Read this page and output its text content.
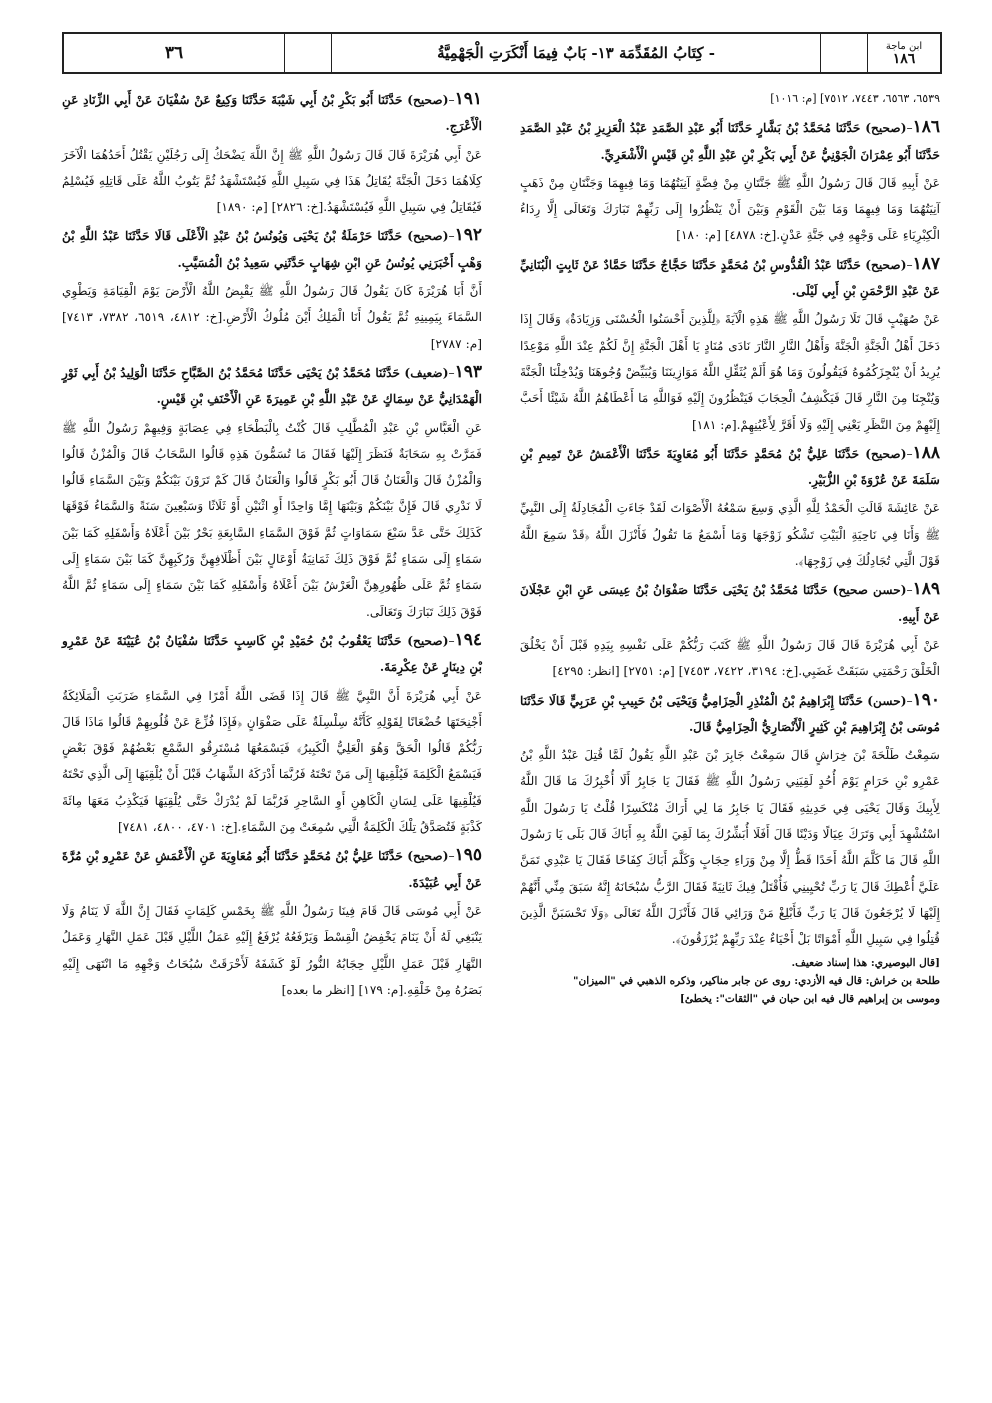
ابن ماجة
١٨٦
- كِتَابُ المُقَدِّمَة ١٣- بَابٌ فِيمَا أَنْكَرَتِ الْجَهْمِيَّةُ
٣٦

٦٥٣٩، ٦٥٦٣، ٧٤٤٣، ٧٥١٢] [م: ١٠١٦]

١٨٦–(صحيح) حَدَّثَنَا مُحَمَّدُ بْنُ بَشَّارٍ حَدَّثَنَا أَبُو عَبْدِ الصَّمَدِ عَبْدُ الْعَزِيزِ بْنُ عَبْدِ الصَّمَدِ حَدَّثَنَا أَبُو عِمْرَانَ الْجَوْنِيُّ عَنْ أَبِي بَكْرِ بْنِ عَبْدِ اللَّهِ بْنِ قَيْسٍ الْأَشْعَرِيِّ.

عَنْ أَبِيهِ قَالَ قَالَ رَسُولُ اللَّهِ ﷺ جَنَّتَانِ مِنْ فِضَّةٍ آنِيَتُهُمَا وَمَا فِيهِمَا وَجَنَّتَانِ مِنْ ذَهَبٍ آنِيَتُهُمَا وَمَا فِيهِمَا وَمَا بَيْنَ الْقَوْمِ وَبَيْنَ أَنْ يَنْظُرُوا إِلَى رَبِّهِمْ تَبَارَكَ وَتَعَالَى إِلَّا رِدَاءُ الْكِبْرِيَاءِ عَلَى وَجْهِهِ فِي جَنَّةِ عَدْنٍ.[خ: ٤٨٧٨] [م: ١٨٠]

١٨٧–(صحيح) حَدَّثَنَا عَبْدُ الْقُدُّوسِ بْنُ مُحَمَّدٍ حَدَّثَنَا حَجَّاجٌ حَدَّثَنَا حَمَّادٌ عَنْ ثَابِتٍ الْبُنَانِيِّ عَنْ عَبْدِ الرَّحْمَنِ بْنِ أَبِي لَيْلَى.

عَنْ صُهَيْبٍ قَالَ تَلَا رَسُولُ اللَّهِ ﷺ هَذِهِ الْآيَةَ ﴿لِلَّذِينَ أَحْسَنُوا الْحُسْنَى وَزِيَادَةٌ﴾ وَقَالَ إِذَا دَخَلَ أَهْلُ الْجَنَّةِ الْجَنَّةَ وَأَهْلُ النَّارِ النَّارَ نَادَى مُنَادٍ يَا أَهْلَ الْجَنَّةِ إِنَّ لَكُمْ عِنْدَ اللَّهِ مَوْعِدًا يُرِيدُ أَنْ يُنْجِزَكُمُوهُ فَيَقُولُونَ وَمَا هُوَ أَلَمْ يُثَقِّلِ اللَّهُ مَوَازِينَنَا وَيُبَيِّضْ وُجُوهَنَا وَيُدْخِلْنَا الْجَنَّةَ وَيُنْجِنَا مِنَ النَّارِ قَالَ فَيَكْشِفُ الْحِجَابَ فَيَنْظُرُونَ إِلَيْهِ فَوَاللَّهِ مَا أَعْطَاهُمُ اللَّهُ شَيْئًا أَحَبَّ إِلَيْهِمْ مِنَ النَّظَرِ يَعْنِي إِلَيْهِ وَلَا أَقَرَّ لِأَعْيُنِهِمْ.[م: ١٨١]

١٨٨–(صحيح) حَدَّثَنَا عَلِيُّ بْنُ مُحَمَّدٍ حَدَّثَنَا أَبُو مُعَاوِيَةَ حَدَّثَنَا الْأَعْمَشُ عَنْ تَمِيمِ بْنِ سَلَمَةَ عَنْ عُرْوَةَ بْنِ الزُّبَيْرِ.

عَنْ عَائِشَةَ قَالَتِ الْحَمْدُ لِلَّهِ الَّذِي وَسِعَ سَمْعُهُ الْأَصْوَاتَ لَقَدْ جَاءَتِ الْمُجَادِلَةُ إِلَى النَّبِيِّ ﷺ وَأَنَا فِي نَاحِيَةِ الْبَيْتِ تَشْكُو زَوْجَهَا وَمَا أَسْمَعُ مَا تَقُولُ فَأَنْزَلَ اللَّهُ ﴿قَدْ سَمِعَ اللَّهُ قَوْلَ الَّتِي تُجَادِلُكَ فِي زَوْجِهَا﴾.

١٨٩–(حسن صحيح) حَدَّثَنَا مُحَمَّدُ بْنُ يَحْيَى حَدَّثَنَا صَفْوَانُ بْنُ عِيسَى عَنِ ابْنِ عَجْلَانَ عَنْ أَبِيهِ.

عَنْ أَبِي هُرَيْرَةَ قَالَ قَالَ رَسُولُ اللَّهِ ﷺ كَتَبَ رَبُّكُمْ عَلَى نَفْسِهِ بِيَدِهِ قَبْلَ أَنْ يَخْلُقَ الْخَلْقَ رَحْمَتِي سَبَقَتْ غَضَبِي.[خ: ٣١٩٤، ٧٤٢٢، ٧٤٥٣] [م: ٢٧٥١] [انظر: ٤٢٩٥]

١٩٠–(حسن) حَدَّثَنَا إِبْرَاهِيمُ بْنُ الْمُنْذِرِ الْحِزَامِيُّ وَيَحْيَى بْنُ حَبِيبِ بْنِ عَرَبِيٍّ قَالَا حَدَّثَنَا مُوسَى بْنُ إِبْرَاهِيمَ بْنِ كَثِيرٍ الْأَنْصَارِيُّ الْحِزَامِيُّ قَالَ.

سَمِعْتُ طَلْحَةَ بْنَ خِرَاشٍ قَالَ سَمِعْتُ جَابِرَ بْنَ عَبْدِ اللَّهِ يَقُولُ لَمَّا قُتِلَ عَبْدُ اللَّهِ بْنُ عَمْرِو بْنِ حَرَامٍ يَوْمَ أُحُدٍ لَقِيَنِي رَسُولُ اللَّهِ ﷺ فَقَالَ يَا جَابِرُ أَلَا أُخْبِرُكَ مَا قَالَ اللَّهُ لِأَبِيكَ وَقَالَ يَحْيَى فِي حَدِيثِهِ فَقَالَ يَا جَابِرُ مَا لِي أَرَاكَ مُنْكَسِرًا قُلْتُ يَا رَسُولَ اللَّهِ اسْتُشْهِدَ أَبِي وَتَرَكَ عِيَالًا وَدَيْنًا قَالَ أَفَلَا أُبَشِّرُكَ بِمَا لَقِيَ اللَّهُ بِهِ أَبَاكَ قَالَ بَلَى يَا رَسُولَ اللَّهِ قَالَ مَا كَلَّمَ اللَّهُ أَحَدًا قَطُّ إِلَّا مِنْ وَرَاءِ حِجَابٍ وَكَلَّمَ أَبَاكَ كِفَاحًا فَقَالَ يَا عَبْدِي تَمَنَّ عَلَيَّ أُعْطِكَ قَالَ يَا رَبِّ تُحْيِينِي فَأُقْتَلُ فِيكَ ثَانِيَةً فَقَالَ الرَّبُّ سُبْحَانَهُ إِنَّهُ سَبَقَ مِنِّي أَنَّهُمْ إِلَيْهَا لَا يُرْجَعُونَ قَالَ يَا رَبِّ فَأَبْلِغْ مَنْ وَرَائِي قَالَ فَأَنْزَلَ اللَّهُ تَعَالَى ﴿وَلَا تَحْسَبَنَّ الَّذِينَ قُتِلُوا فِي سَبِيلِ اللَّهِ أَمْوَاتًا بَلْ أَحْيَاءٌ عِنْدَ رَبِّهِمْ يُرْزَقُونَ﴾.

[قال البوصيري: هذا إسناد ضعيف.

طلحة بن خراش: قال فيه الأزدي: روى عن جابر مناكير، وذكره الذهبي في "الميزان"

وموسى بن إبراهيم قال فيه ابن حبان في "الثقات": يخطئ]

١٩١–(صحيح) حَدَّثَنَا أَبُو بَكْرِ بْنُ أَبِي شَيْبَةَ حَدَّثَنَا وَكِيعٌ عَنْ سُفْيَانَ عَنْ أَبِي الزِّنَادِ عَنِ الْأَعْرَجِ.

عَنْ أَبِي هُرَيْرَةَ قَالَ قَالَ رَسُولُ اللَّهِ ﷺ إِنَّ اللَّهَ يَضْحَكُ إِلَى رَجُلَيْنِ يَقْتُلُ أَحَدُهُمَا الْآخَرَ كِلَاهُمَا دَخَلَ الْجَنَّةَ يُقَاتِلُ هَذَا فِي سَبِيلِ اللَّهِ فَيُسْتَشْهَدُ ثُمَّ يَتُوبُ اللَّهُ عَلَى قَاتِلِهِ فَيُسْلِمُ فَيُقَاتِلُ فِي سَبِيلِ اللَّهِ فَيُسْتَشْهَدُ.[خ: ٢٨٢٦] [م: ١٨٩٠]

١٩٢–(صحيح) حَدَّثَنَا حَرْمَلَةُ بْنُ يَحْيَى وَيُونُسُ بْنُ عَبْدِ الْأَعْلَى قَالَا حَدَّثَنَا عَبْدُ اللَّهِ بْنُ وَهْبٍ أَخْبَرَنِي يُونُسُ عَنِ ابْنِ شِهَابٍ حَدَّثَنِي سَعِيدُ بْنُ الْمُسَيَّبِ.

أَنَّ أَبَا هُرَيْرَةَ كَانَ يَقُولُ قَالَ رَسُولُ اللَّهِ ﷺ يَقْبِضُ اللَّهُ الْأَرْضَ يَوْمَ الْقِيَامَةِ وَيَطْوِي السَّمَاءَ بِيَمِينِهِ ثُمَّ يَقُولُ أَنَا الْمَلِكُ أَيْنَ مُلُوكُ الْأَرْضِ.[خ: ٤٨١٢، ٦٥١٩، ٧٣٨٢، ٧٤١٣] [م: ٢٧٨٧]

١٩٣–(ضعيف) حَدَّثَنَا مُحَمَّدُ بْنُ يَحْيَى حَدَّثَنَا مُحَمَّدُ بْنُ الصَّبَّاحِ حَدَّثَنَا الْوَلِيدُ بْنُ أَبِي ثَوْرٍ الْهَمْدَانِيُّ عَنْ سِمَاكٍ عَنْ عَبْدِ اللَّهِ بْنِ عَمِيرَةَ عَنِ الْأَحْنَفِ بْنِ قَيْسٍ.

عَنِ الْعَبَّاسِ بْنِ عَبْدِ الْمُطَّلِبِ قَالَ كُنْتُ بِالْبَطْحَاءِ فِي عِصَابَةٍ وَفِيهِمْ رَسُولُ اللَّهِ ﷺ فَمَرَّتْ بِهِ سَحَابَةٌ فَنَظَرَ إِلَيْهَا فَقَالَ مَا تُسَمُّونَ هَذِهِ قَالُوا السَّحَابُ قَالَ وَالْمُزْنُ قَالُوا وَالْمُزْنُ قَالَ وَالْعَنَانُ قَالَ أَبُو بَكْرٍ قَالُوا وَالْعَنَانُ قَالَ كَمْ تَرَوْنَ بَيْنَكُمْ وَبَيْنَ السَّمَاءِ قَالُوا لَا نَدْرِي قَالَ فَإِنَّ بَيْنَكُمْ وَبَيْنَهَا إِمَّا وَاحِدًا أَوِ اثْنَيْنِ أَوْ ثَلَاثًا وَسَبْعِينَ سَنَةً وَالسَّمَاءُ فَوْقَهَا كَذَلِكَ حَتَّى عَدَّ سَبْعَ سَمَاوَاتٍ ثُمَّ فَوْقَ السَّمَاءِ السَّابِعَةِ بَحْرٌ بَيْنَ أَعْلَاهُ وَأَسْفَلِهِ كَمَا بَيْنَ سَمَاءٍ إِلَى سَمَاءٍ ثُمَّ فَوْقَ ذَلِكَ ثَمَانِيَةُ أَوْعَالٍ بَيْنَ أَظْلَافِهِنَّ وَرُكَبِهِنَّ كَمَا بَيْنَ سَمَاءٍ إِلَى سَمَاءٍ ثُمَّ عَلَى ظُهُورِهِنَّ الْعَرْشُ بَيْنَ أَعْلَاهُ وَأَسْفَلِهِ كَمَا بَيْنَ سَمَاءٍ إِلَى سَمَاءٍ ثُمَّ اللَّهُ فَوْقَ ذَلِكَ تَبَارَكَ وَتَعَالَى.

١٩٤–(صحيح) حَدَّثَنَا يَعْقُوبُ بْنُ حُمَيْدِ بْنِ كَاسِبٍ حَدَّثَنَا سُفْيَانُ بْنُ عُيَيْنَةَ عَنْ عَمْرِو بْنِ دِينَارٍ عَنْ عِكْرِمَةَ.

عَنْ أَبِي هُرَيْرَةَ أَنَّ النَّبِيَّ ﷺ قَالَ إِذَا قَضَى اللَّهُ أَمْرًا فِي السَّمَاءِ ضَرَبَتِ الْمَلَائِكَةُ أَجْنِحَتَهَا خُضْعَانًا لِقَوْلِهِ كَأَنَّهُ سِلْسِلَةٌ عَلَى صَفْوَانٍ ﴿فَإِذَا فُزِّعَ عَنْ قُلُوبِهِمْ قَالُوا مَاذَا قَالَ رَبُّكُمْ قَالُوا الْحَقَّ وَهُوَ الْعَلِيُّ الْكَبِيرُ﴾ فَيَسْمَعُهَا مُسْتَرِقُو السَّمْعِ بَعْضُهُمْ فَوْقَ بَعْضٍ فَيَسْمَعُ الْكَلِمَةَ فَيُلْقِيهَا إِلَى مَنْ تَحْتَهُ فَرُبَّمَا أَدْرَكَهُ الشِّهَابُ قَبْلَ أَنْ يُلْقِيَهَا إِلَى الَّذِي تَحْتَهُ فَيُلْقِيهَا عَلَى لِسَانِ الْكَاهِنِ أَوِ السَّاحِرِ فَرُبَّمَا لَمْ يُدْرَكْ حَتَّى يُلْقِيَهَا فَيَكْذِبُ مَعَهَا مِائَةَ كَذْبَةٍ فَتُصَدَّقُ تِلْكَ الْكَلِمَةُ الَّتِي سُمِعَتْ مِنَ السَّمَاءِ.[خ: ٤٧٠١، ٤٨٠٠، ٧٤٨١]

١٩٥–(صحيح) حَدَّثَنَا عَلِيُّ بْنُ مُحَمَّدٍ حَدَّثَنَا أَبُو مُعَاوِيَةَ عَنِ الْأَعْمَشِ عَنْ عَمْرِو بْنِ مُرَّةَ عَنْ أَبِي عُبَيْدَةَ.

عَنْ أَبِي مُوسَى قَالَ قَامَ فِينَا رَسُولُ اللَّهِ ﷺ بِخَمْسِ كَلِمَاتٍ فَقَالَ إِنَّ اللَّهَ لَا يَنَامُ وَلَا يَنْبَغِي لَهُ أَنْ يَنَامَ يَخْفِضُ الْقِسْطَ وَيَرْفَعُهُ يُرْفَعُ إِلَيْهِ عَمَلُ اللَّيْلِ قَبْلَ عَمَلِ النَّهَارِ وَعَمَلُ النَّهَارِ قَبْلَ عَمَلِ اللَّيْلِ حِجَابُهُ النُّورُ لَوْ كَشَفَهُ لَأَحْرَقَتْ سُبُحَاتُ وَجْهِهِ مَا انْتَهَى إِلَيْهِ بَصَرُهُ مِنْ خَلْقِهِ.[م: ١٧٩] [انظر ما بعده]
